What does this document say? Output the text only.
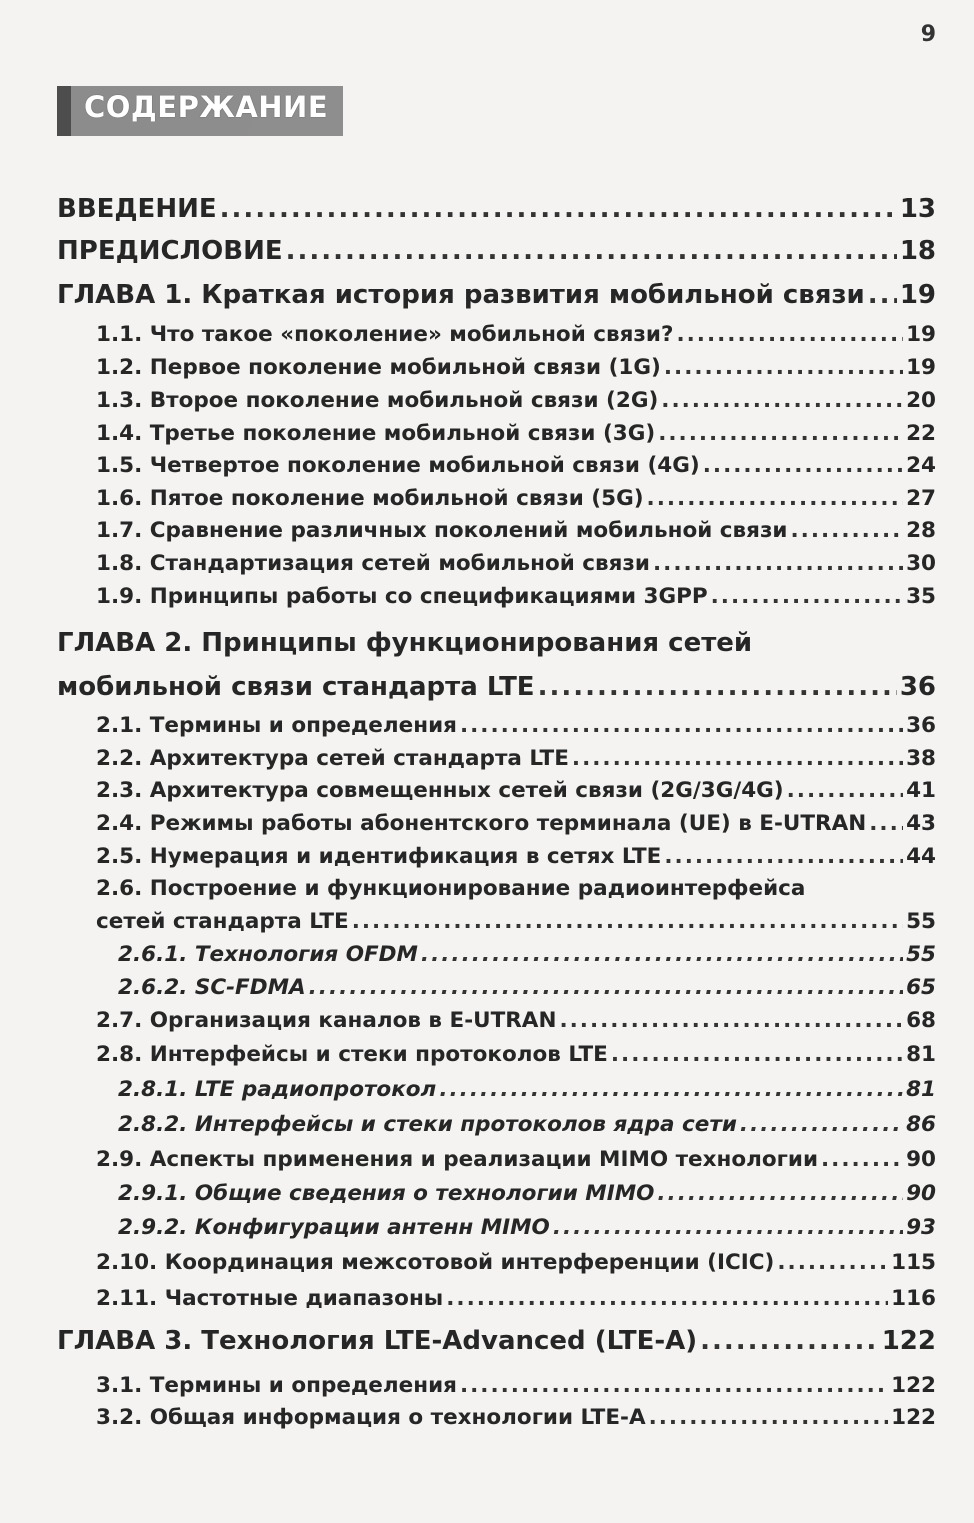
9
СОДЕРЖАНИЕ
ВВЕДЕНИЕ .....	13
ПРЕДИСЛОВИЕ .....	18
ГЛАВА 1. Краткая история развития мобильной связи ..... 19
1.1. Что такое «поколение» мобильной связи? .....	19
1.2. Первое поколение мобильной связи (1G) .....	19
1.3. Второе поколение мобильной связи (2G) .....	20
1.4. Третье поколение мобильной связи (3G) .....	22
1.5. Четвертое поколение мобильной связи (4G) .....	24
1.6. Пятое поколение мобильной связи (5G) .....	27
1.7. Сравнение различных поколений мобильной связи .....	28
1.8. Стандартизация сетей мобильной связи .....	30
1.9. Принципы работы со спецификациями 3GPP .....	35
ГЛАВА 2. Принципы функционирования сетей
мобильной связи стандарта LTE .....	36
2.1. Термины и определения .....	36
2.2. Архитектура сетей стандарта LTE .....	38
2.3. Архитектура совмещенных сетей связи (2G/3G/4G) .....	41
2.4. Режимы работы абонентского терминала (UE) в E-UTRAN ..... 43
2.5. Нумерация и идентификация в сетях LTE .....	44
2.6. Построение и функционирование радиоинтерфейса
сетей стандарта LTE .....	55
2.6.1. Технология OFDM .....	55
2.6.2. SC-FDMA .....	65
2.7. Организация каналов в E-UTRAN .....	68
2.8. Интерфейсы и стеки протоколов LTE .....	81
2.8.1. LTE радиопротокол .....	81
2.8.2. Интерфейсы и стеки протоколов ядра сети .....	86
2.9. Аспекты применения и реализации MIMO технологии .....	90
2.9.1. Общие сведения о технологии MIMO .....	90
2.9.2. Конфигурации антенн MIMO .....	93
2.10. Координация межсотовой интерференции (ICIC) .....	115
2.11. Частотные диапазоны .....	116
ГЛАВА 3. Технология LTE-Advanced (LTE-A) .....	122
3.1. Термины и определения .....	122
3.2. Общая информация о технологии LTE-A .....	122
